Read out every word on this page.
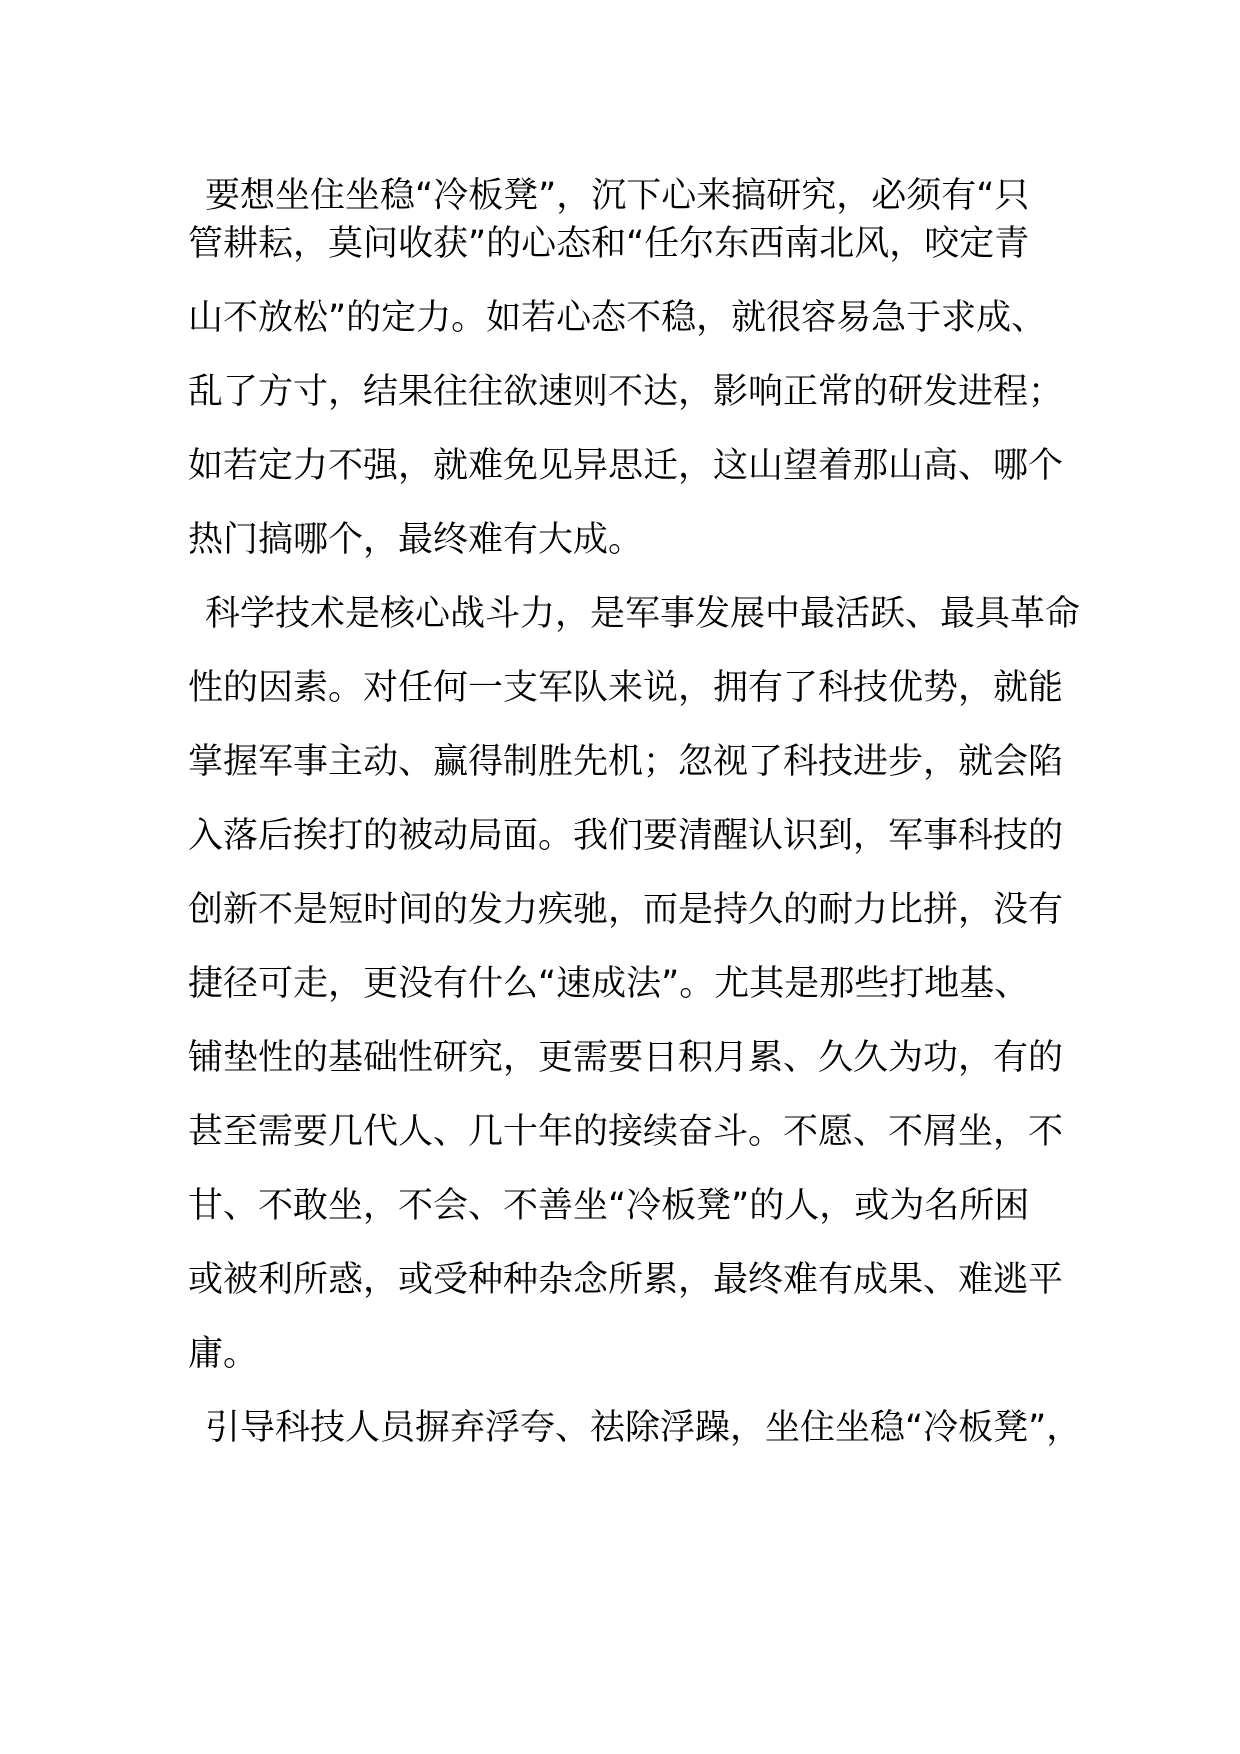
要想坐住坐稳“冷板凳”，沉下心来搞研究，必须有“只

管耕耘，莫问收获”的心态和“任尔东西南北风，咬定青

山不放松”的定力。如若心态不稳，就很容易急于求成、

乱了方寸，结果往往欲速则不达，影响正常的研发进程；

如若定力不强，就难免见异思迁，这山望着那山高、哪个

热门搞哪个，最终难有大成。

科学技术是核心战斗力，是军事发展中最活跃、最具革命

性的因素。对任何一支军队来说，拥有了科技优势，就能

掌握军事主动、赢得制胜先机；忽视了科技进步，就会陷

入落后挨打的被动局面。我们要清醒认识到，军事科技的

创新不是短时间的发力疾驰，而是持久的耐力比拼，没有

捷径可走，更没有什么“速成法”。尤其是那些打地基、

铺垫性的基础性研究，更需要日积月累、久久为功，有的

甚至需要几代人、几十年的接续奋斗。不愿、不屑坐，不

甘、不敢坐，不会、不善坐“冷板凳”的人，或为名所困

或被利所惑，或受种种杂念所累，最终难有成果、难逃平

庸。

引导科技人员摒弃浮夸、祛除浮躁，坐住坐稳“冷板凳”，
